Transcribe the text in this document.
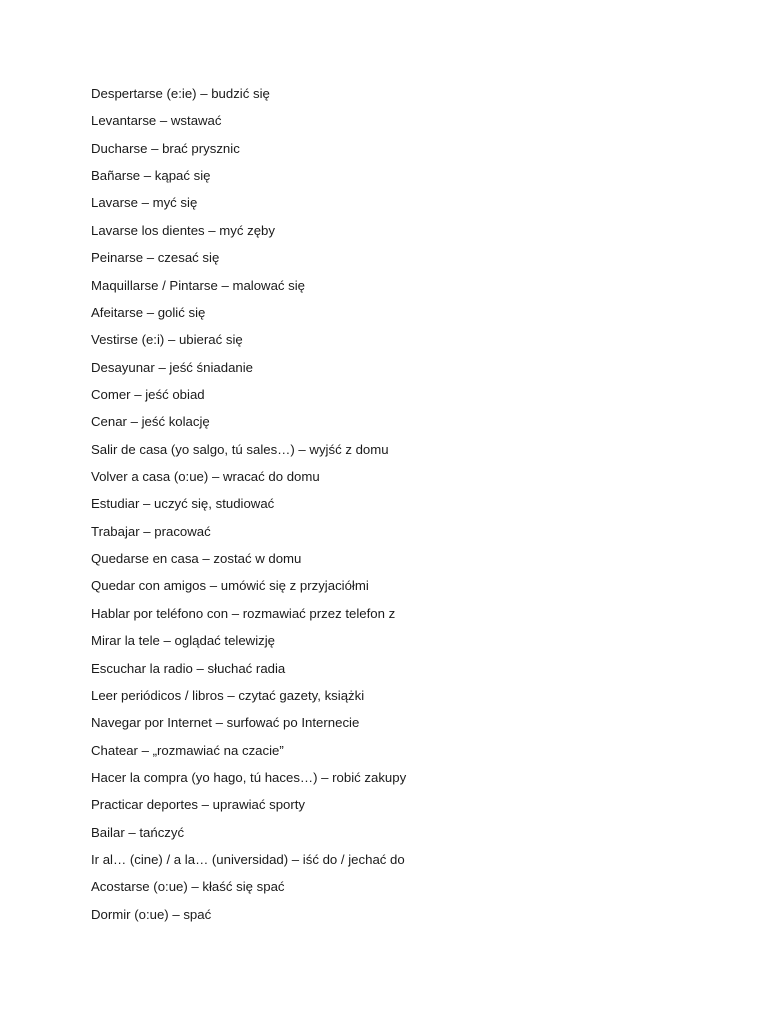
Despertarse (e:ie) – budzić się
Levantarse – wstawać
Ducharse – brać prysznic
Bañarse – kąpać się
Lavarse – myć się
Lavarse los dientes – myć zęby
Peinarse – czesać się
Maquillarse / Pintarse – malować się
Afeitarse – golić się
Vestirse (e:i) – ubierać się
Desayunar – jeść śniadanie
Comer – jeść obiad
Cenar – jeść kolację
Salir de casa (yo salgo, tú sales…) – wyjść z domu
Volver a casa (o:ue) – wracać do domu
Estudiar – uczyć się, studiować
Trabajar – pracować
Quedarse en casa – zostać w domu
Quedar con amigos – umówić się z przyjaciółmi
Hablar por teléfono con – rozmawiać przez telefon z
Mirar la tele – oglądać telewizję
Escuchar la radio – słuchać radia
Leer periódicos / libros – czytać gazety, książki
Navegar por Internet – surfować po Internecie
Chatear – „rozmawiać na czacie”
Hacer la compra (yo hago, tú haces…) – robić zakupy
Practicar deportes – uprawiać sporty
Bailar – tańczyć
Ir al… (cine) / a la… (universidad) – iść do / jechać do
Acostarse (o:ue) – kłaść się spać
Dormir (o:ue) – spać
